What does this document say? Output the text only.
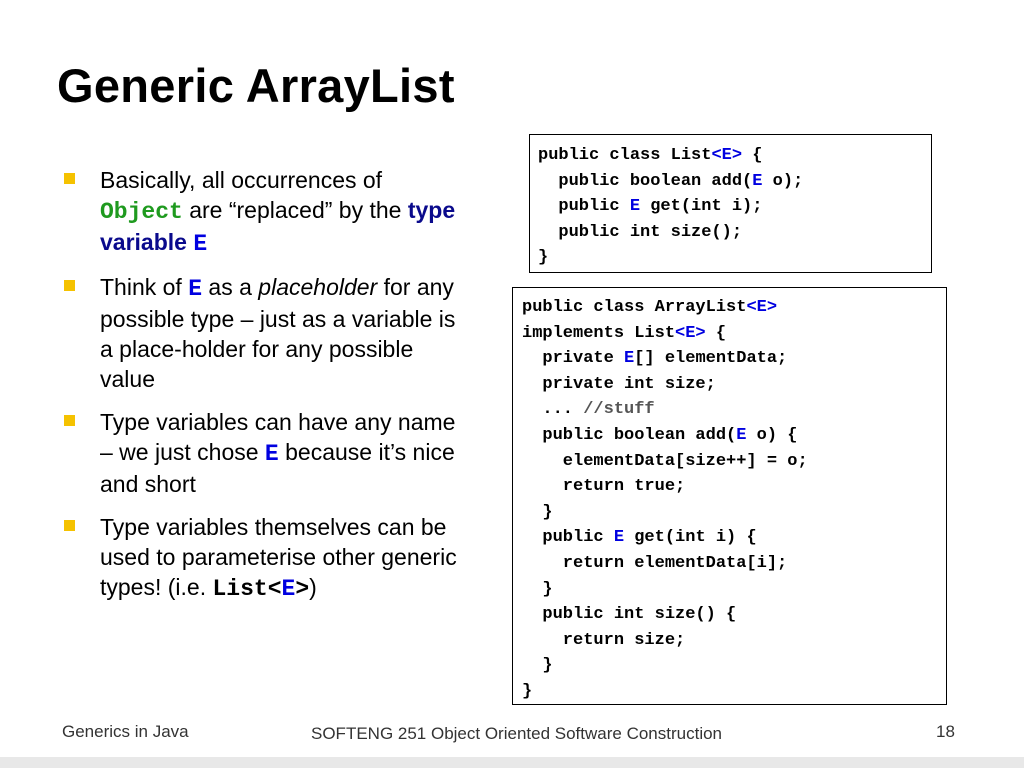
Generic ArrayList
Basically, all occurrences of Object are “replaced” by the type variable E
Think of E as a placeholder for any possible type – just as a variable is a place-holder for any possible value
Type variables can have any name – we just chose E because it’s nice and short
Type variables themselves can be used to parameterise other generic types! (i.e. List<E>)
public class List<E> {
public boolean add(E o);
public E get(int i);
public int size();
}
public class ArrayList<E>
implements List<E> {
private E[] elementData;
private int size;
... //stuff
public boolean add(E o) {
elementData[size++] = o;
return true;
}
public E get(int i) {
return elementData[i];
}
public int size() {
return size;
}
}
Generics in Java	SOFTENG 251 Object Oriented Software Construction	18
